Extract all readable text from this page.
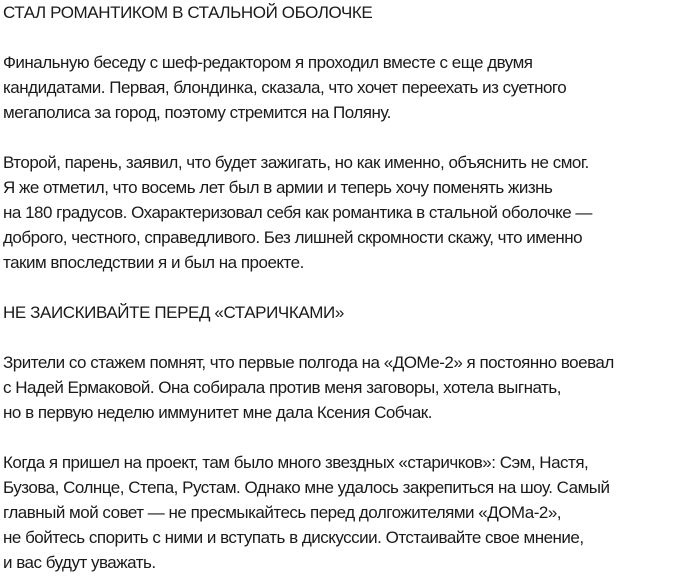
СТАЛ РОМАНТИКОМ В СТАЛЬНОЙ ОБОЛОЧКЕ
Финальную беседу с шеф-редактором я проходил вместе с еще двумя
кандидатами. Первая, блондинка, сказала, что хочет переехать из суетного
мегаполиса за город, поэтому стремится на Поляну.
Второй, парень, заявил, что будет зажигать, но как именно, объяснить не смог.
Я же отметил, что восемь лет был в армии и теперь хочу поменять жизнь
на 180 градусов. Охарактеризовал себя как романтика в стальной оболочке —
доброго, честного, справедливого. Без лишней скромности скажу, что именно
таким впоследствии я и был на проекте.
НЕ ЗАИСКИВАЙТЕ ПЕРЕД «СТАРИЧКАМИ»
Зрители со стажем помнят, что первые полгода на «ДОМе-2» я постоянно воевал
с Надей Ермаковой. Она собирала против меня заговоры, хотела выгнать,
но в первую неделю иммунитет мне дала Ксения Собчак.
Когда я пришел на проект, там было много звездных «старичков»: Сэм, Настя,
Бузова, Солнце, Степа, Рустам. Однако мне удалось закрепиться на шоу. Самый
главный мой совет — не пресмыкайтесь перед долгожителями «ДОМа-2»,
не бойтесь спорить с ними и вступать в дискуссии. Отстаивайте свое мнение,
и вас будут уважать.
